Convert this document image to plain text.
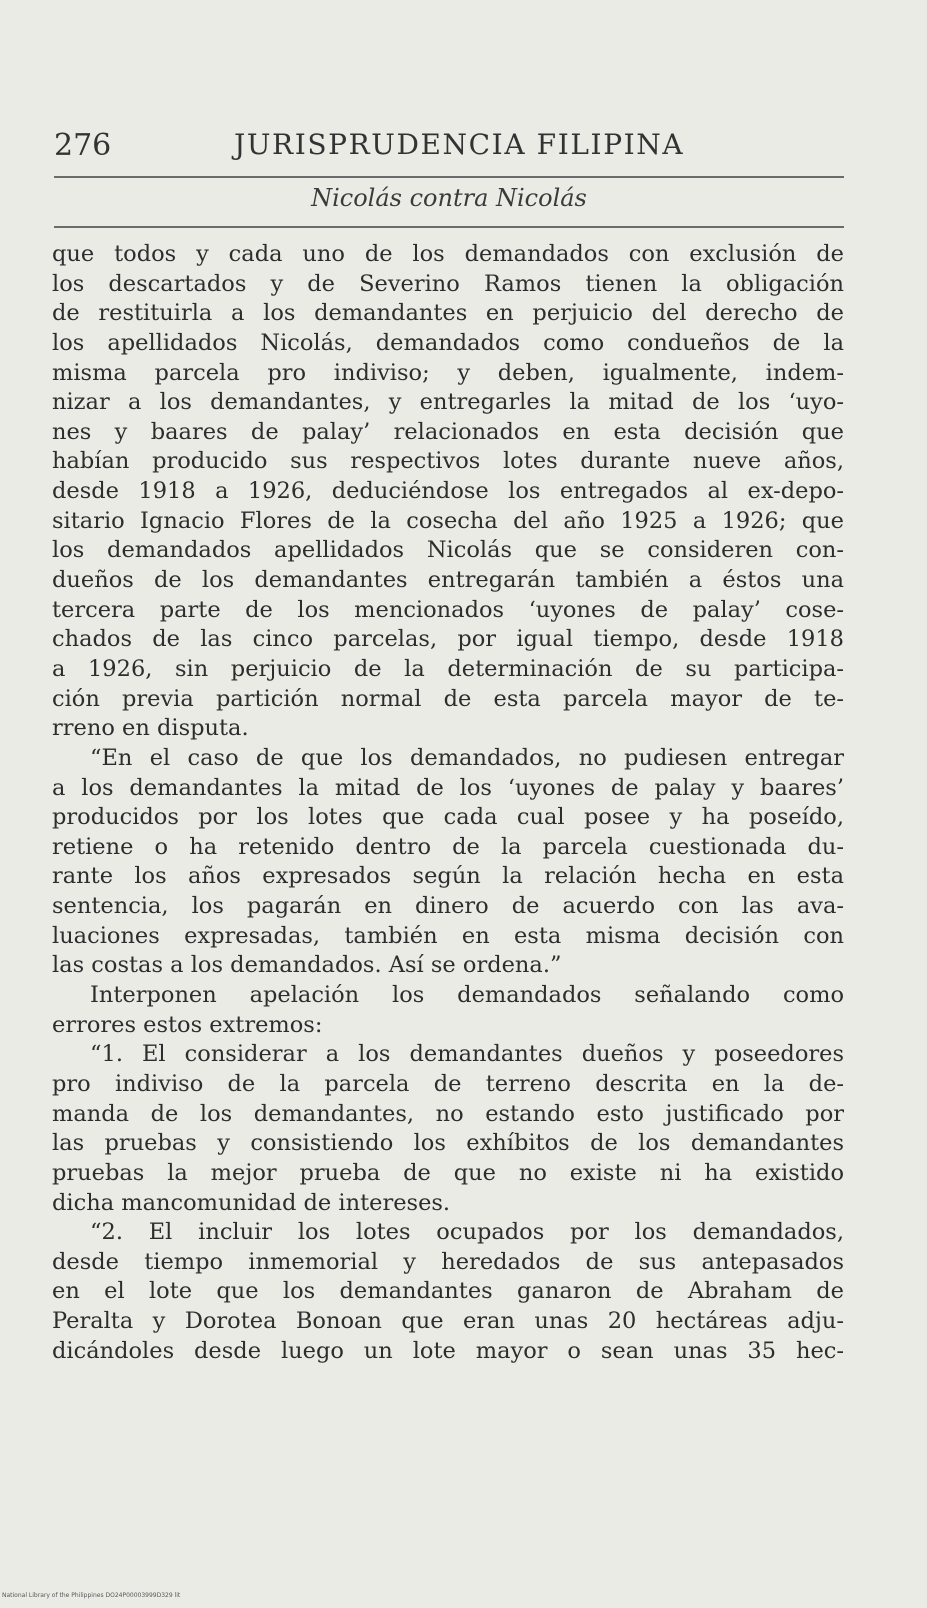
276	JURISPRUDENCIA FILIPINA
Nicolás contra Nicolás
que todos y cada uno de los demandados con exclusión de
los descartados y de Severino Ramos tienen la obligación
de restituirla a los demandantes en perjuicio del derecho de
los apellidados Nicolás, demandados como condueños de la
misma parcela pro indiviso; y deben, igualmente, indem-
nizar a los demandantes, y entregarles la mitad de los ‘uyo-
nes y baares de palay’ relacionados en esta decisión que
habían producido sus respectivos lotes durante nueve años,
desde 1918 a 1926, deduciéndose los entregados al ex-depo-
sitario Ignacio Flores de la cosecha del año 1925 a 1926; que
los demandados apellidados Nicolás que se consideren con-
dueños de los demandantes entregarán también a éstos una
tercera parte de los mencionados ‘uyones de palay’ cose-
chados de las cinco parcelas, por igual tiempo, desde 1918
a 1926, sin perjuicio de la determinación de su participa-
ción previa partición normal de esta parcela mayor de te-
rreno en disputa.
“En el caso de que los demandados, no pudiesen entregar
a los demandantes la mitad de los ‘uyones de palay y baares’
producidos por los lotes que cada cual posee y ha poseído,
retiene o ha retenido dentro de la parcela cuestionada du-
rante los años expresados según la relación hecha en esta
sentencia, los pagarán en dinero de acuerdo con las ava-
luaciones expresadas, también en esta misma decisión con
las costas a los demandados. Así se ordena.”
Interponen apelación los demandados señalando como
errores estos extremos:
“1. El considerar a los demandantes dueños y poseedores
pro indiviso de la parcela de terreno descrita en la de-
manda de los demandantes, no estando esto justificado por
las pruebas y consistiendo los exhíbitos de los demandantes
pruebas la mejor prueba de que no existe ni ha existido
dicha mancomunidad de intereses.
“2. El incluir los lotes ocupados por los demandados,
desde tiempo inmemorial y heredados de sus antepasados
en el lote que los demandantes ganaron de Abraham de
Peralta y Dorotea Bonoan que eran unas 20 hectáreas adju-
dicándoles desde luego un lote mayor o sean unas 35 hec-
National Library of the Philippines DO24P00003999D329 lit
